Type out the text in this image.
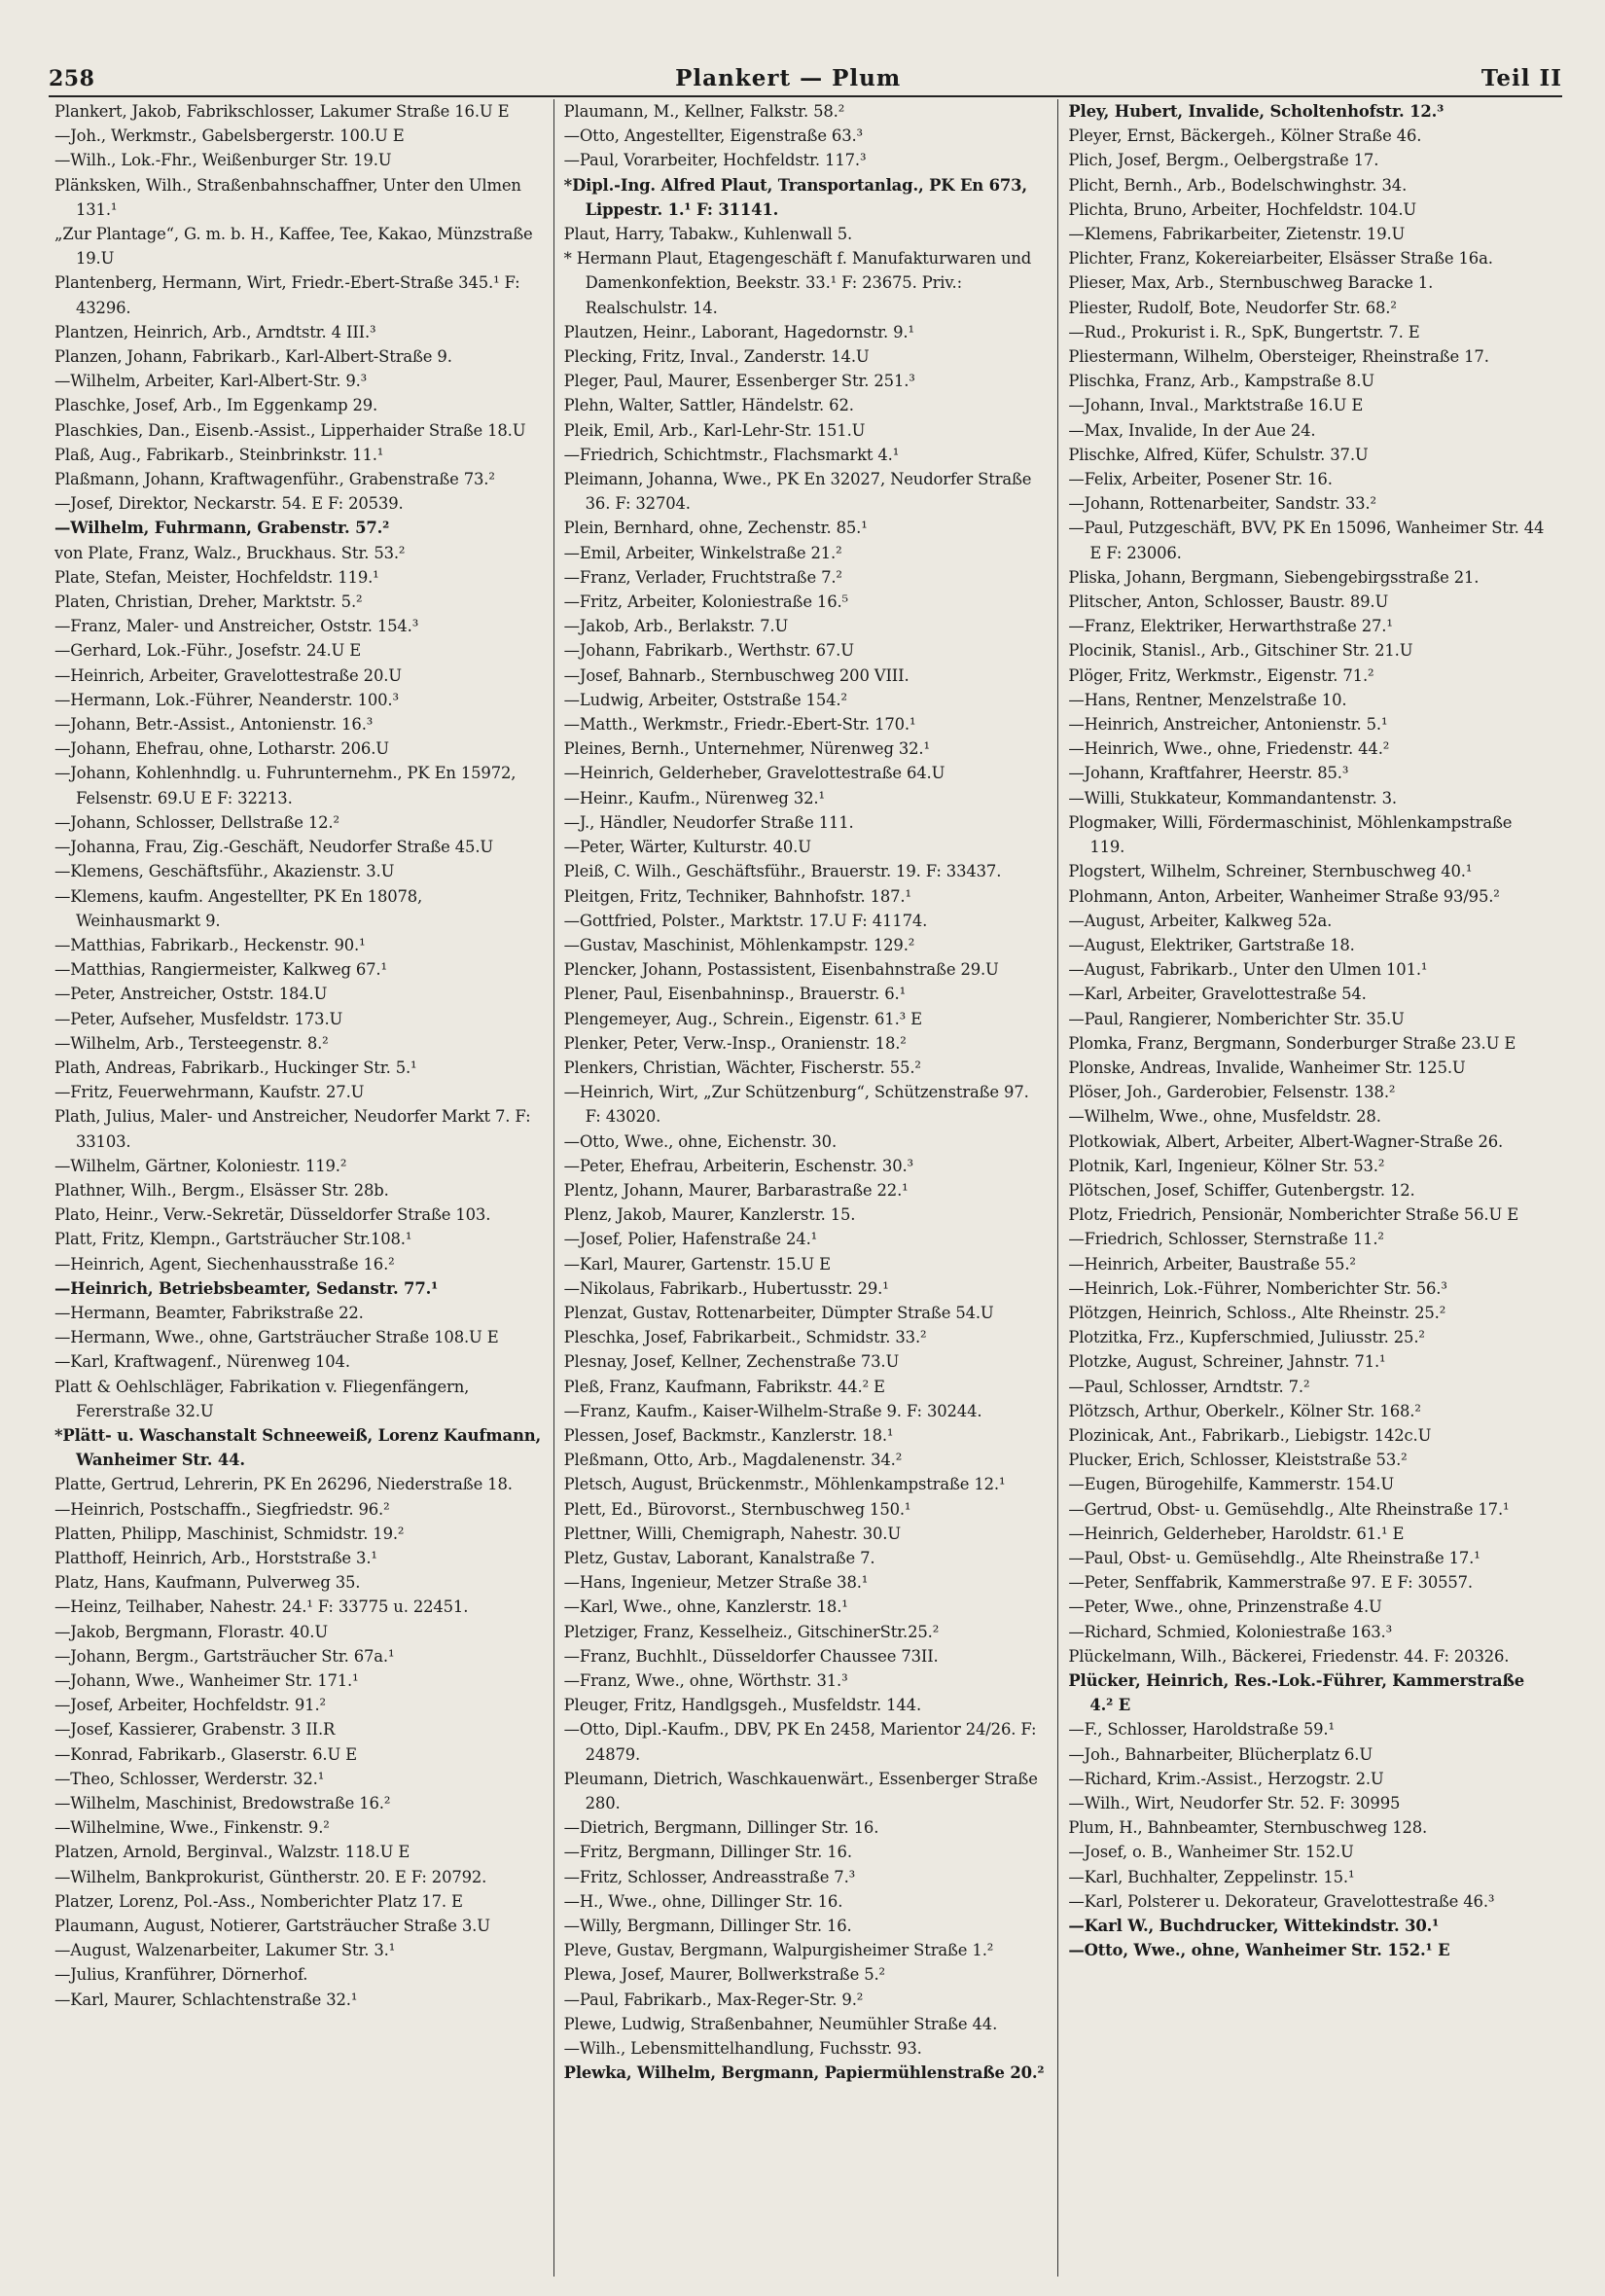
258	Plankert — Plum	Teil II

Plankert, Jakob, Fabrikschlosser, Lakumer Straße 16.U E

—Joh., Werkmstr., Gabelsbergerstr. 100.U E

—Wilh., Lok.-Fhr., Weißenburger Str. 19.U

Plänksken, Wilh., Straßenbahnschaffner, Unter den Ulmen 131.¹

„Zur Plantage“, G. m. b. H., Kaffee, Tee, Kakao, Münzstraße 19.U

Plantenberg, Hermann, Wirt, Friedr.-Ebert-Straße 345.¹ F: 43296.

Plantzen, Heinrich, Arb., Arndtstr. 4 III.³

Planzen, Johann, Fabrikarb., Karl-Albert-Straße 9.

—Wilhelm, Arbeiter, Karl-Albert-Str. 9.³

Plaschke, Josef, Arb., Im Eggenkamp 29.

Plaschkies, Dan., Eisenb.-Assist., Lipperhaider Straße 18.U

Plaß, Aug., Fabrikarb., Steinbrinkstr. 11.¹

Plaßmann, Johann, Kraftwagenführ., Grabenstraße 73.²

—Josef, Direktor, Neckarstr. 54. E F: 20539.

—Wilhelm, Fuhrmann, Grabenstr. 57.²

von Plate, Franz, Walz., Bruckhaus. Str. 53.²

Plate, Stefan, Meister, Hochfeldstr. 119.¹

Platen, Christian, Dreher, Marktstr. 5.²

—Franz, Maler- und Anstreicher, Oststr. 154.³

—Gerhard, Lok.-Führ., Josefstr. 24.U E

—Heinrich, Arbeiter, Gravelottestraße 20.U

—Hermann, Lok.-Führer, Neanderstr. 100.³

—Johann, Betr.-Assist., Antonienstr. 16.³

—Johann, Ehefrau, ohne, Lotharstr. 206.U

—Johann, Kohlenhndlg. u. Fuhrunternehm., PK En 15972, Felsenstr. 69.U E F: 32213.

—Johann, Schlosser, Dellstraße 12.²

—Johanna, Frau, Zig.-Geschäft, Neudorfer Straße 45.U

—Klemens, Geschäftsführ., Akazienstr. 3.U

—Klemens, kaufm. Angestellter, PK En 18078, Weinhausmarkt 9.

—Matthias, Fabrikarb., Heckenstr. 90.¹

—Matthias, Rangiermeister, Kalkweg 67.¹

—Peter, Anstreicher, Oststr. 184.U

—Peter, Aufseher, Musfeldstr. 173.U

—Wilhelm, Arb., Tersteegenstr. 8.²

Plath, Andreas, Fabrikarb., Huckinger Str. 5.¹

—Fritz, Feuerwehrmann, Kaufstr. 27.U

Plath, Julius, Maler- und Anstreicher, Neudorfer Markt 7. F: 33103.

—Wilhelm, Gärtner, Koloniestr. 119.²

Plathner, Wilh., Bergm., Elsässer Str. 28b.

Plato, Heinr., Verw.-Sekretär, Düsseldorfer Straße 103.

Platt, Fritz, Klempn., Gartsträucher Str.108.¹

—Heinrich, Agent, Siechenhausstraße 16.²

—Heinrich, Betriebsbeamter, Sedanstr. 77.¹

—Hermann, Beamter, Fabrikstraße 22.

—Hermann, Wwe., ohne, Gartsträucher Straße 108.U E

—Karl, Kraftwagenf., Nürenweg 104.

Platt & Oehlschläger, Fabrikation v. Fliegenfängern, Fererstraße 32.U

*Plätt- u. Waschanstalt Schneeweiß, Lorenz Kaufmann, Wanheimer Str. 44.

Platte, Gertrud, Lehrerin, PK En 26296, Niederstraße 18.

—Heinrich, Postschaffn., Siegfriedstr. 96.²

Platten, Philipp, Maschinist, Schmidstr. 19.²

Platthoff, Heinrich, Arb., Horststraße 3.¹

Platz, Hans, Kaufmann, Pulverweg 35.

—Heinz, Teilhaber, Nahestr. 24.¹ F: 33775 u. 22451.

—Jakob, Bergmann, Florastr. 40.U

—Johann, Bergm., Gartsträucher Str. 67a.¹

—Johann, Wwe., Wanheimer Str. 171.¹

—Josef, Arbeiter, Hochfeldstr. 91.²

—Josef, Kassierer, Grabenstr. 3 II.R

—Konrad, Fabrikarb., Glaserstr. 6.U E

—Theo, Schlosser, Werderstr. 32.¹

—Wilhelm, Maschinist, Bredowstraße 16.²

—Wilhelmine, Wwe., Finkenstr. 9.²

Platzen, Arnold, Berginval., Walzstr. 118.U E

—Wilhelm, Bankprokurist, Güntherstr. 20. E F: 20792.

Platzer, Lorenz, Pol.-Ass., Nomberichter Platz 17. E

Plaumann, August, Notierer, Gartsträucher Straße 3.U

—August, Walzenarbeiter, Lakumer Str. 3.¹

—Julius, Kranführer, Dörnerhof.

—Karl, Maurer, Schlachtenstraße 32.¹

Plaumann, M., Kellner, Falkstr. 58.²

—Otto, Angestellter, Eigenstraße 63.³

—Paul, Vorarbeiter, Hochfeldstr. 117.³

*Dipl.-Ing. Alfred Plaut, Transportanlag., PK En 673, Lippestr. 1.¹ F: 31141.

Plaut, Harry, Tabakw., Kuhlenwall 5.

* Hermann Plaut, Etagengeschäft f. Manufakturwaren und Damenkonfektion, Beekstr. 33.¹ F: 23675. Priv.: Realschulstr. 14.

Plautzen, Heinr., Laborant, Hagedornstr. 9.¹

Plecking, Fritz, Inval., Zanderstr. 14.U

Pleger, Paul, Maurer, Essenberger Str. 251.³

Plehn, Walter, Sattler, Händelstr. 62.

Pleik, Emil, Arb., Karl-Lehr-Str. 151.U

—Friedrich, Schichtmstr., Flachsmarkt 4.¹

Pleimann, Johanna, Wwe., PK En 32027, Neudorfer Straße 36. F: 32704.

Plein, Bernhard, ohne, Zechenstr. 85.¹

—Emil, Arbeiter, Winkelstraße 21.²

—Franz, Verlader, Fruchtstraße 7.²

—Fritz, Arbeiter, Koloniestraße 16.⁵

—Jakob, Arb., Berlakstr. 7.U

—Johann, Fabrikarb., Werthstr. 67.U

—Josef, Bahnarb., Sternbuschweg 200 VIII.

—Ludwig, Arbeiter, Oststraße 154.²

—Matth., Werkmstr., Friedr.-Ebert-Str. 170.¹

Pleines, Bernh., Unternehmer, Nürenweg 32.¹

—Heinrich, Gelderheber, Gravelottestraße 64.U

—Heinr., Kaufm., Nürenweg 32.¹

—J., Händler, Neudorfer Straße 111.

—Peter, Wärter, Kulturstr. 40.U

Pleiß, C. Wilh., Geschäftsführ., Brauerstr. 19. F: 33437.

Pleitgen, Fritz, Techniker, Bahnhofstr. 187.¹

—Gottfried, Polster., Marktstr. 17.U F: 41174.

—Gustav, Maschinist, Möhlenkampstr. 129.²

Plencker, Johann, Postassistent, Eisenbahnstraße 29.U

Plener, Paul, Eisenbahninsp., Brauerstr. 6.¹

Plengemeyer, Aug., Schrein., Eigenstr. 61.³ E

Plenker, Peter, Verw.-Insp., Oranienstr. 18.²

Plenkers, Christian, Wächter, Fischerstr. 55.²

—Heinrich, Wirt, „Zur Schützenburg“, Schützenstraße 97. F: 43020.

—Otto, Wwe., ohne, Eichenstr. 30.

—Peter, Ehefrau, Arbeiterin, Eschenstr. 30.³

Plentz, Johann, Maurer, Barbarastraße 22.¹

Plenz, Jakob, Maurer, Kanzlerstr. 15.

—Josef, Polier, Hafenstraße 24.¹

—Karl, Maurer, Gartenstr. 15.U E

—Nikolaus, Fabrikarb., Hubertusstr. 29.¹

Plenzat, Gustav, Rottenarbeiter, Dümpter Straße 54.U

Pleschka, Josef, Fabrikarbeit., Schmidstr. 33.²

Plesnay, Josef, Kellner, Zechenstraße 73.U

Pleß, Franz, Kaufmann, Fabrikstr. 44.² E

—Franz, Kaufm., Kaiser-Wilhelm-Straße 9. F: 30244.

Plessen, Josef, Backmstr., Kanzlerstr. 18.¹

Pleßmann, Otto, Arb., Magdalenenstr. 34.²

Pletsch, August, Brückenmstr., Möhlenkampstraße 12.¹

Plett, Ed., Bürovorst., Sternbuschweg 150.¹

Plettner, Willi, Chemigraph, Nahestr. 30.U

Pletz, Gustav, Laborant, Kanalstraße 7.

—Hans, Ingenieur, Metzer Straße 38.¹

—Karl, Wwe., ohne, Kanzlerstr. 18.¹

Pletziger, Franz, Kesselheiz., GitschinerStr.25.²

—Franz, Buchhlt., Düsseldorfer Chaussee 73II.

—Franz, Wwe., ohne, Wörthstr. 31.³

Pleuger, Fritz, Handlgsgeh., Musfeldstr. 144.

—Otto, Dipl.-Kaufm., DBV, PK En 2458, Marientor 24/26. F: 24879.

Pleumann, Dietrich, Waschkauenwärt., Essenberger Straße 280.

—Dietrich, Bergmann, Dillinger Str. 16.

—Fritz, Bergmann, Dillinger Str. 16.

—Fritz, Schlosser, Andreasstraße 7.³

—H., Wwe., ohne, Dillinger Str. 16.

—Willy, Bergmann, Dillinger Str. 16.

Pleve, Gustav, Bergmann, Walpurgisheimer Straße 1.²

Plewa, Josef, Maurer, Bollwerkstraße 5.²

—Paul, Fabrikarb., Max-Reger-Str. 9.²

Plewe, Ludwig, Straßenbahner, Neumühler Straße 44.

—Wilh., Lebensmittelhandlung, Fuchsstr. 93.

Plewka, Wilhelm, Bergmann, Papiermühlenstraße 20.²

Pley, Hubert, Invalide, Scholtenhofstr. 12.³

Pleyer, Ernst, Bäckergeh., Kölner Straße 46.

Plich, Josef, Bergm., Oelbergstraße 17.

Plicht, Bernh., Arb., Bodelschwinghstr. 34.

Plichta, Bruno, Arbeiter, Hochfeldstr. 104.U

—Klemens, Fabrikarbeiter, Zietenstr. 19.U

Plichter, Franz, Kokereiarbeiter, Elsässer Straße 16a.

Plieser, Max, Arb., Sternbuschweg Baracke 1.

Pliester, Rudolf, Bote, Neudorfer Str. 68.²

—Rud., Prokurist i. R., SpK, Bungertstr. 7. E

Pliestermann, Wilhelm, Obersteiger, Rheinstraße 17.

Plischka, Franz, Arb., Kampstraße 8.U

—Johann, Inval., Marktstraße 16.U E

—Max, Invalide, In der Aue 24.

Plischke, Alfred, Küfer, Schulstr. 37.U

—Felix, Arbeiter, Posener Str. 16.

—Johann, Rottenarbeiter, Sandstr. 33.²

—Paul, Putzgeschäft, BVV, PK En 15096, Wanheimer Str. 44 E F: 23006.

Pliska, Johann, Bergmann, Siebengebirgsstraße 21.

Plitscher, Anton, Schlosser, Baustr. 89.U

—Franz, Elektriker, Herwarthstraße 27.¹

Plocinik, Stanisl., Arb., Gitschiner Str. 21.U

Plöger, Fritz, Werkmstr., Eigenstr. 71.²

—Hans, Rentner, Menzelstraße 10.

—Heinrich, Anstreicher, Antonienstr. 5.¹

—Heinrich, Wwe., ohne, Friedenstr. 44.²

—Johann, Kraftfahrer, Heerstr. 85.³

—Willi, Stukkateur, Kommandantenstr. 3.

Plogmaker, Willi, Fördermaschinist, Möhlenkampstraße 119.

Plogstert, Wilhelm, Schreiner, Sternbuschweg 40.¹

Plohmann, Anton, Arbeiter, Wanheimer Straße 93/95.²

—August, Arbeiter, Kalkweg 52a.

—August, Elektriker, Gartstraße 18.

—August, Fabrikarb., Unter den Ulmen 101.¹

—Karl, Arbeiter, Gravelottestraße 54.

—Paul, Rangierer, Nomberichter Str. 35.U

Plomka, Franz, Bergmann, Sonderburger Straße 23.U E

Plonske, Andreas, Invalide, Wanheimer Str. 125.U

Plöser, Joh., Garderobier, Felsenstr. 138.²

—Wilhelm, Wwe., ohne, Musfeldstr. 28.

Plotkowiak, Albert, Arbeiter, Albert-Wagner-Straße 26.

Plotnik, Karl, Ingenieur, Kölner Str. 53.²

Plötschen, Josef, Schiffer, Gutenbergstr. 12.

Plotz, Friedrich, Pensionär, Nomberichter Straße 56.U E

—Friedrich, Schlosser, Sternstraße 11.²

—Heinrich, Arbeiter, Baustraße 55.²

—Heinrich, Lok.-Führer, Nomberichter Str. 56.³

Plötzgen, Heinrich, Schloss., Alte Rheinstr. 25.²

Plotzitka, Frz., Kupferschmied, Juliusstr. 25.²

Plotzke, August, Schreiner, Jahnstr. 71.¹

—Paul, Schlosser, Arndtstr. 7.²

Plötzsch, Arthur, Oberkelr., Kölner Str. 168.²

Plozinicak, Ant., Fabrikarb., Liebigstr. 142c.U

Plucker, Erich, Schlosser, Kleiststraße 53.²

—Eugen, Bürogehilfe, Kammerstr. 154.U

—Gertrud, Obst- u. Gemüsehdlg., Alte Rheinstraße 17.¹

—Heinrich, Gelderheber, Haroldstr. 61.¹ E

—Paul, Obst- u. Gemüsehdlg., Alte Rheinstraße 17.¹

—Peter, Senffabrik, Kammerstraße 97. E F: 30557.

—Peter, Wwe., ohne, Prinzenstraße 4.U

—Richard, Schmied, Koloniestraße 163.³

Plückelmann, Wilh., Bäckerei, Friedenstr. 44. F: 20326.

Plücker, Heinrich, Res.-Lok.-Führer, Kammerstraße 4.² E

—F., Schlosser, Haroldstraße 59.¹

—Joh., Bahnarbeiter, Blücherplatz 6.U

—Richard, Krim.-Assist., Herzogstr. 2.U

—Wilh., Wirt, Neudorfer Str. 52. F: 30995

Plum, H., Bahnbeamter, Sternbuschweg 128.

—Josef, o. B., Wanheimer Str. 152.U

—Karl, Buchhalter, Zeppelinstr. 15.¹

—Karl, Polsterer u. Dekorateur, Gravelottestraße 46.³

—Karl W., Buchdrucker, Wittekindstr. 30.¹

—Otto, Wwe., ohne, Wanheimer Str. 152.¹ E
